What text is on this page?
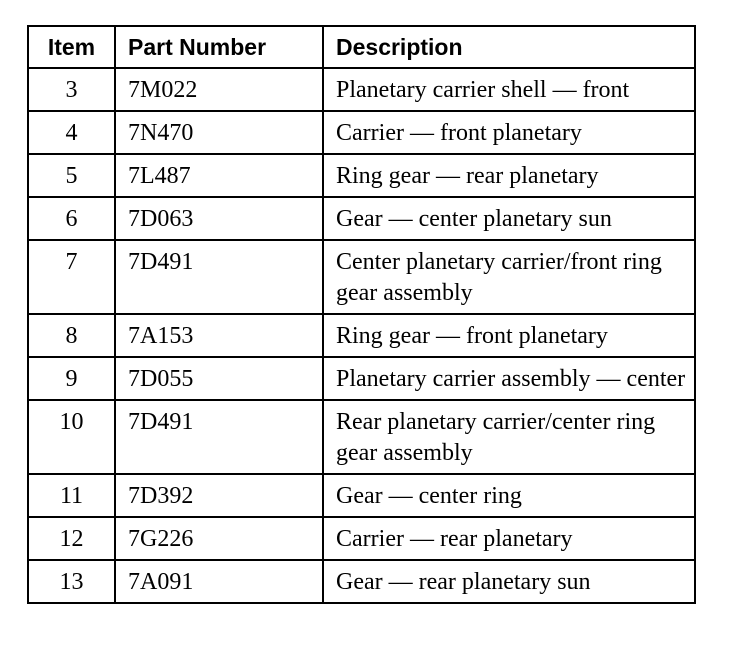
Item	Part Number	Description
3	7M022	Planetary carrier shell — front
4	7N470	Carrier — front planetary
5	7L487	Ring gear — rear planetary
6	7D063	Gear — center planetary sun
7	7D491	Center planetary carrier/front ring gear assembly
8	7A153	Ring gear — front planetary
9	7D055	Planetary carrier assembly — center
10	7D491	Rear planetary carrier/center ring gear assembly
11	7D392	Gear — center ring
12	7G226	Carrier — rear planetary
13	7A091	Gear — rear planetary sun
